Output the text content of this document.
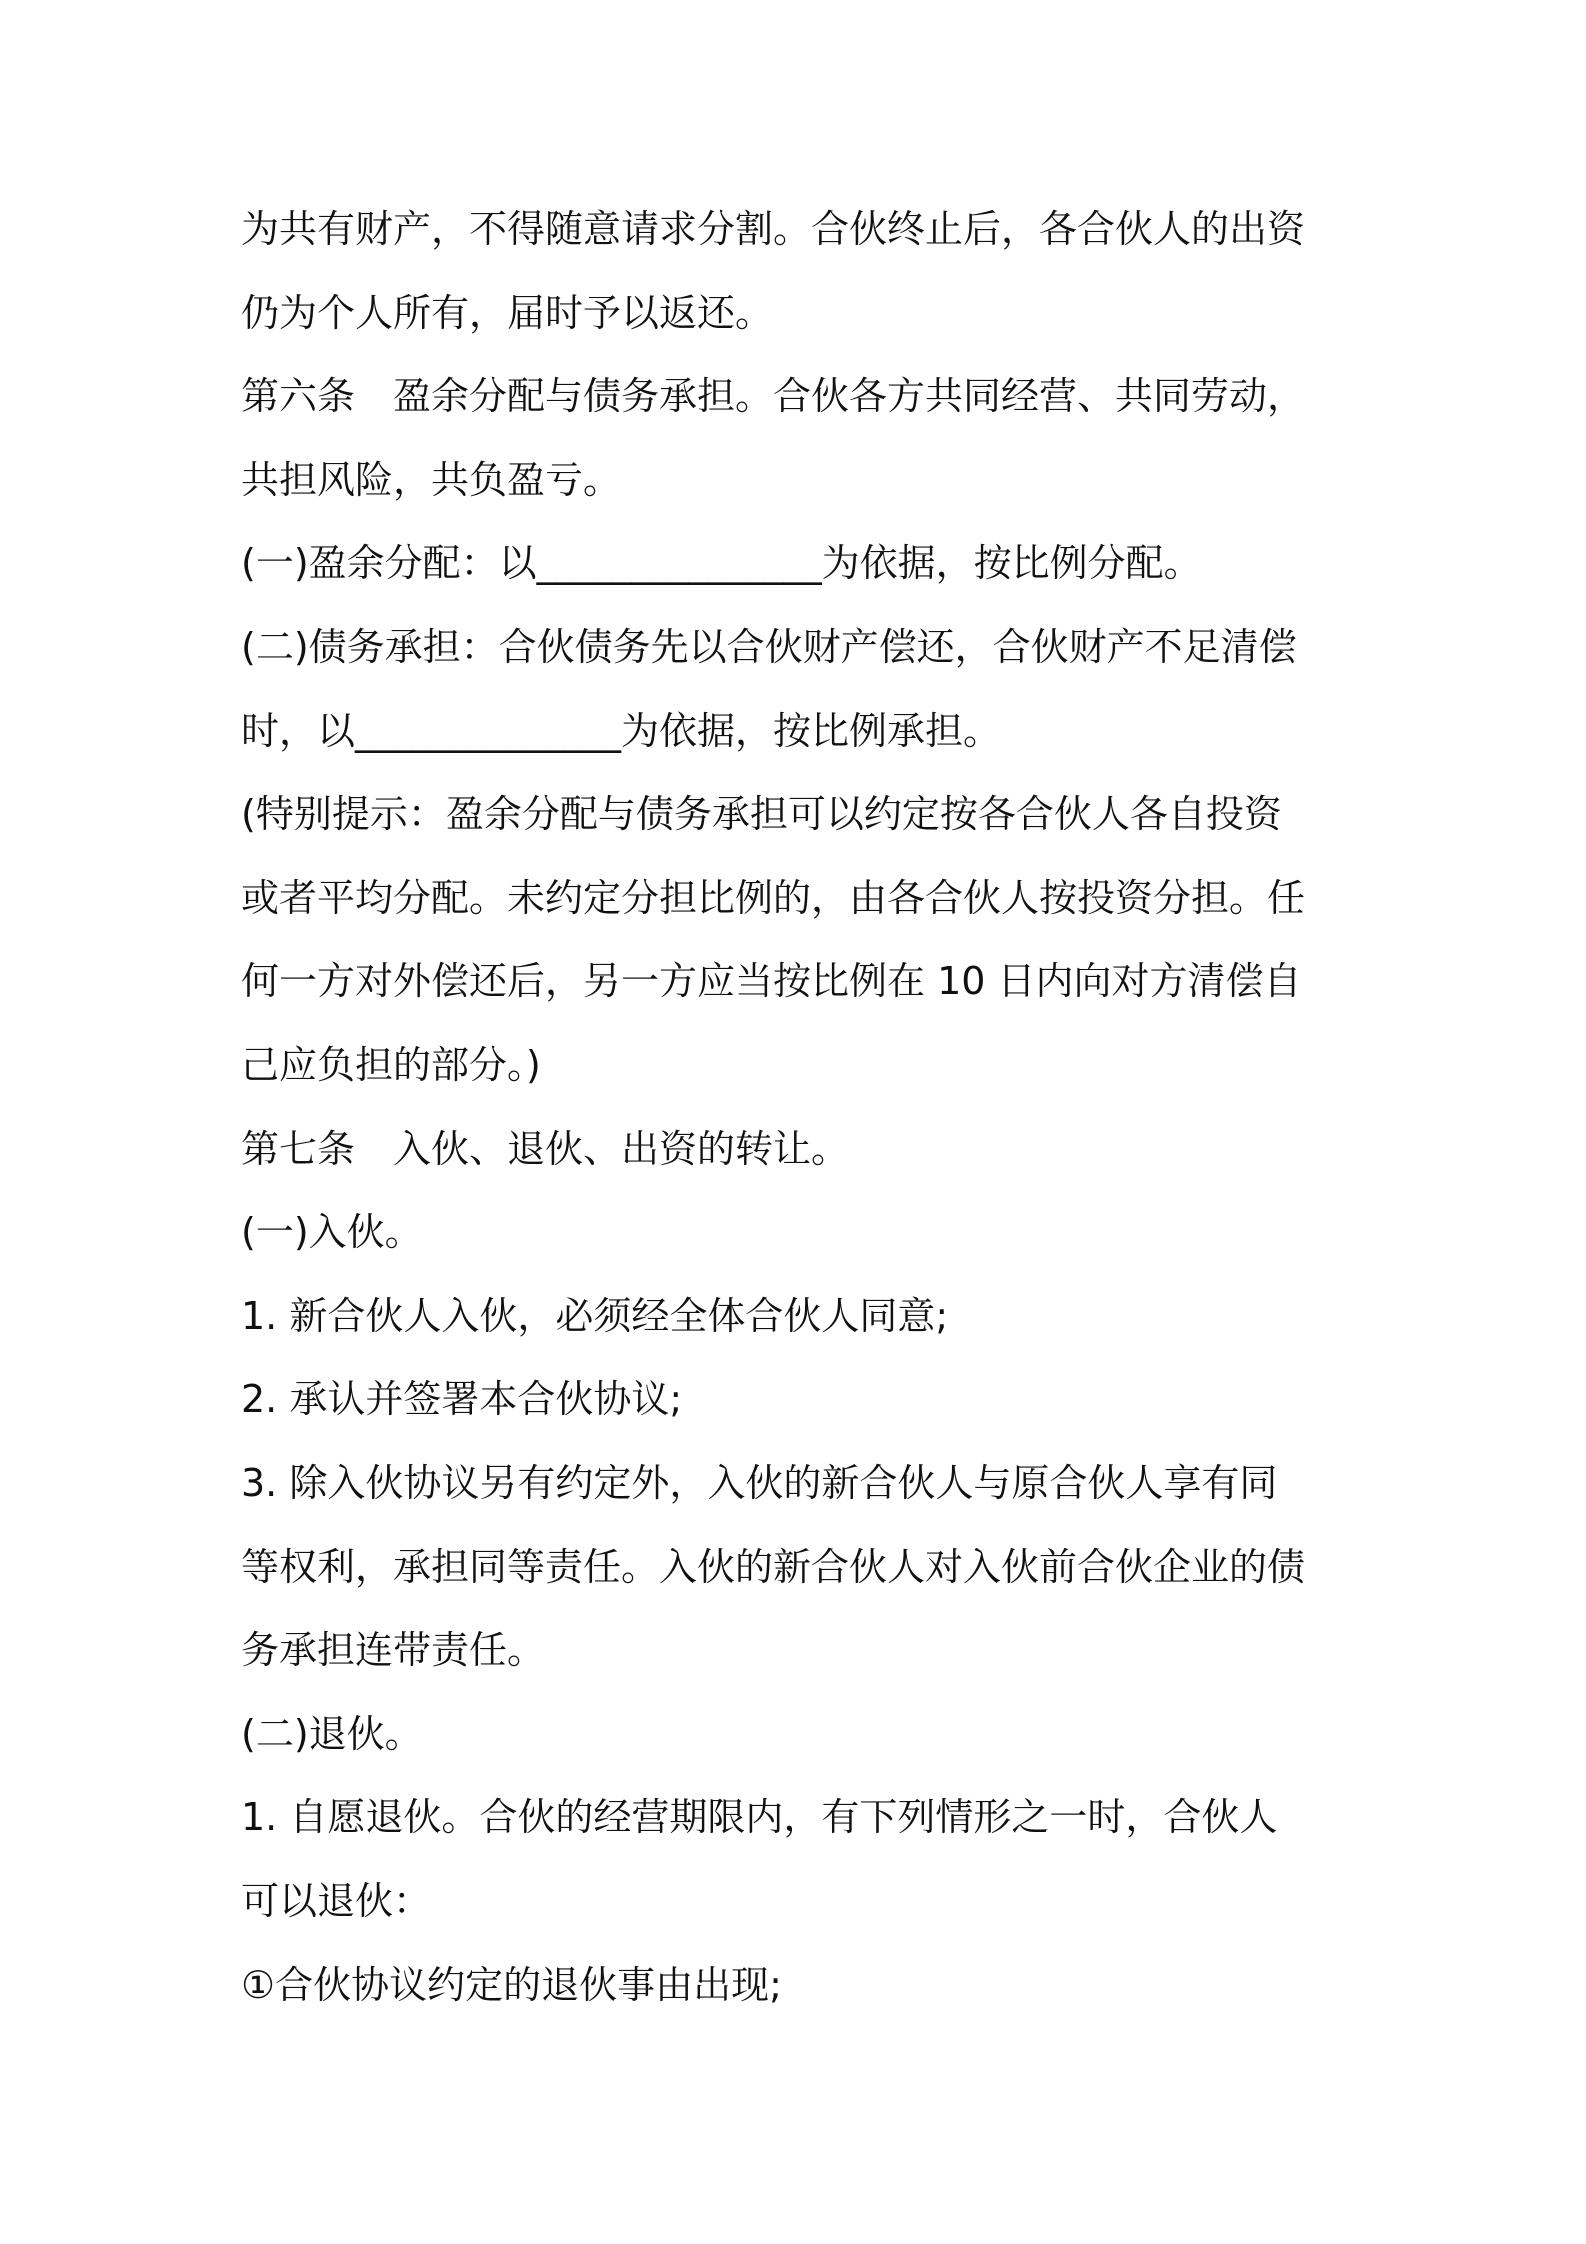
为共有财产，不得随意请求分割。合伙终止后，各合伙人的出资
仍为个人所有，届时予以返还。
第六条　盈余分配与债务承担。合伙各方共同经营、共同劳动，
共担风险，共负盈亏。
(一)盈余分配：以_______________为依据，按比例分配。
(二)债务承担：合伙债务先以合伙财产偿还，合伙财产不足清偿
时，以______________为依据，按比例承担。
(特别提示：盈余分配与债务承担可以约定按各合伙人各自投资
或者平均分配。未约定分担比例的，由各合伙人按投资分担。任
何一方对外偿还后，另一方应当按比例在 10 日内向对方清偿自
己应负担的部分。)
第七条　入伙、退伙、出资的转让。
(一)入伙。
1. 新合伙人入伙，必须经全体合伙人同意;
2. 承认并签署本合伙协议;
3. 除入伙协议另有约定外，入伙的新合伙人与原合伙人享有同
等权利，承担同等责任。入伙的新合伙人对入伙前合伙企业的债
务承担连带责任。
(二)退伙。
1. 自愿退伙。合伙的经营期限内，有下列情形之一时，合伙人
可以退伙：
①合伙协议约定的退伙事由出现;
